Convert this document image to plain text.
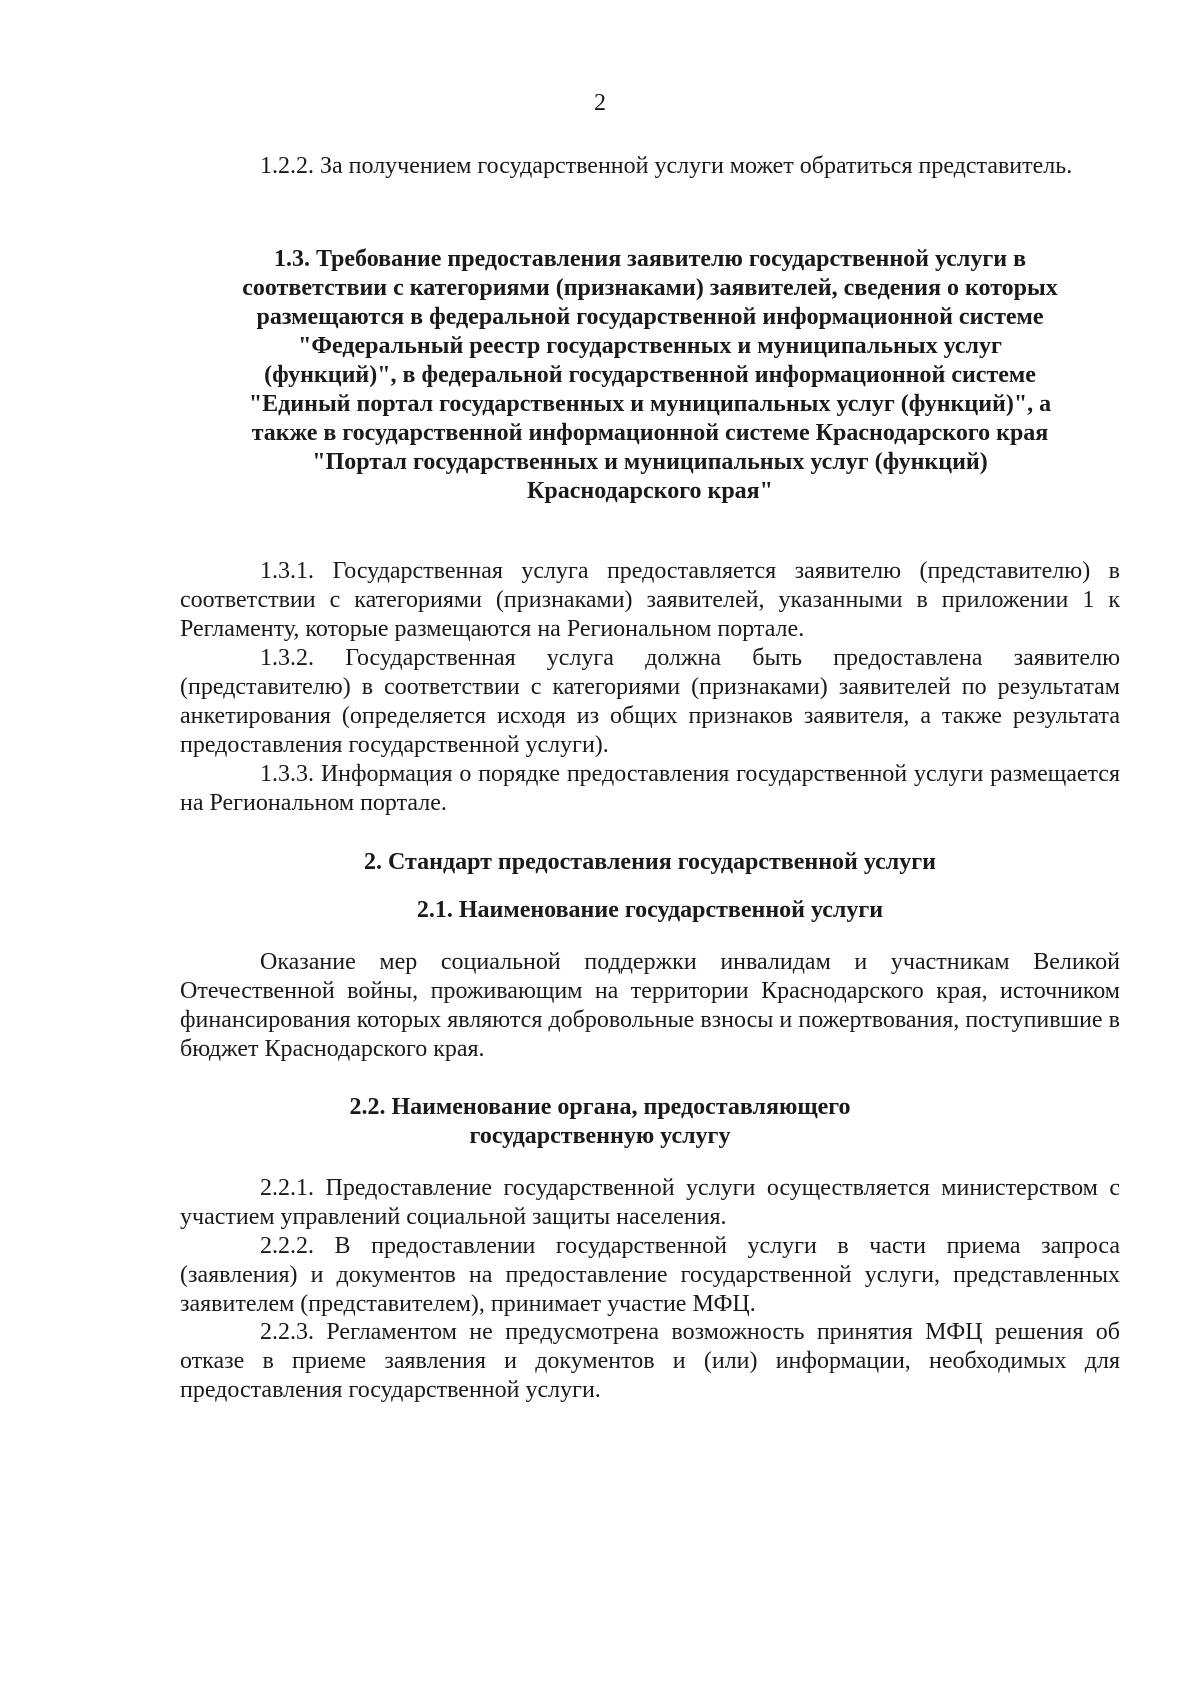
2

1.2.2. За получением государственной услуги может обратиться представитель.

1.3. Требование предоставления заявителю государственной услуги в соответствии с категориями (признаками) заявителей, сведения о которых размещаются в федеральной государственной информационной системе "Федеральный реестр государственных и муниципальных услуг (функций)", в федеральной государственной информационной системе "Единый портал государственных и муниципальных услуг (функций)", а также в государственной информационной системе Краснодарского края "Портал государственных и муниципальных услуг (функций) Краснодарского края"

1.3.1. Государственная услуга предоставляется заявителю (представителю) в соответствии с категориями (признаками) заявителей, указанными в приложении 1 к Регламенту, которые размещаются на Региональном портале.

1.3.2. Государственная услуга должна быть предоставлена заявителю (представителю) в соответствии с категориями (признаками) заявителей по результатам анкетирования (определяется исходя из общих признаков заявителя, а также результата предоставления государственной услуги).

1.3.3. Информация о порядке предоставления государственной услуги размещается на Региональном портале.

2. Стандарт предоставления государственной услуги

2.1. Наименование государственной услуги

Оказание мер социальной поддержки инвалидам и участникам Великой Отечественной войны, проживающим на территории Краснодарского края, источником финансирования которых являются добровольные взносы и пожертвования, поступившие в бюджет Краснодарского края.

2.2. Наименование органа, предоставляющего государственную услугу

2.2.1. Предоставление государственной услуги осуществляется министерством с участием управлений социальной защиты населения.

2.2.2. В предоставлении государственной услуги в части приема запроса (заявления) и документов на предоставление государственной услуги, представленных заявителем (представителем), принимает участие МФЦ.

2.2.3. Регламентом не предусмотрена возможность принятия МФЦ решения об отказе в приеме заявления и документов и (или) информации, необходимых для предоставления государственной услуги.
